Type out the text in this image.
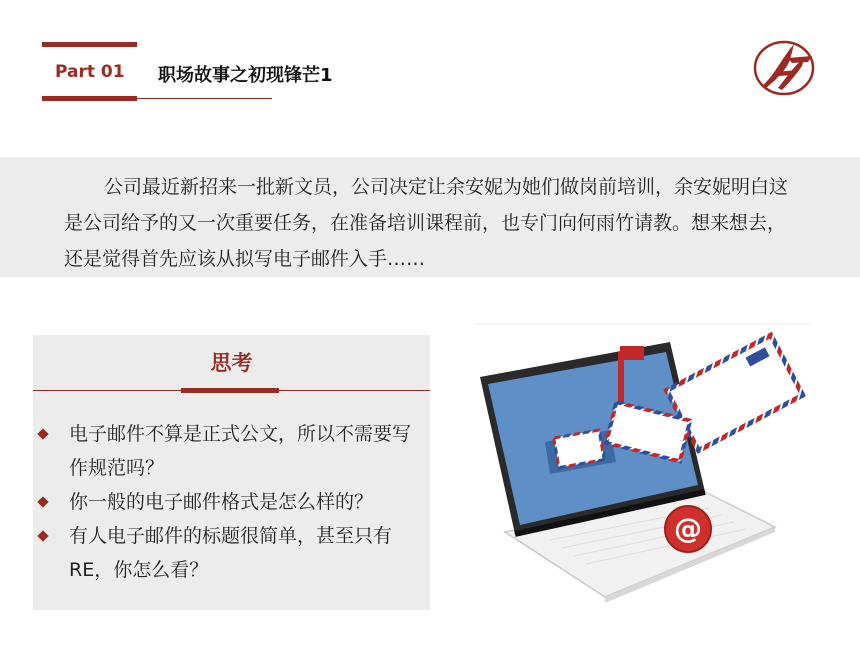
Part 01 职场故事之初现锋芒1
公司最近新招来一批新文员，公司决定让余安妮为她们做岗前培训，余安妮明白这是公司给予的又一次重要任务，在准备培训课程前，也专门向何雨竹请教。想来想去，还是觉得首先应该从拟写电子邮件入手……
思考
电子邮件不算是正式公文，所以不需要写作规范吗？
你一般的电子邮件格式是怎么样的？
有人电子邮件的标题很简单，甚至只有RE，你怎么看？
@
